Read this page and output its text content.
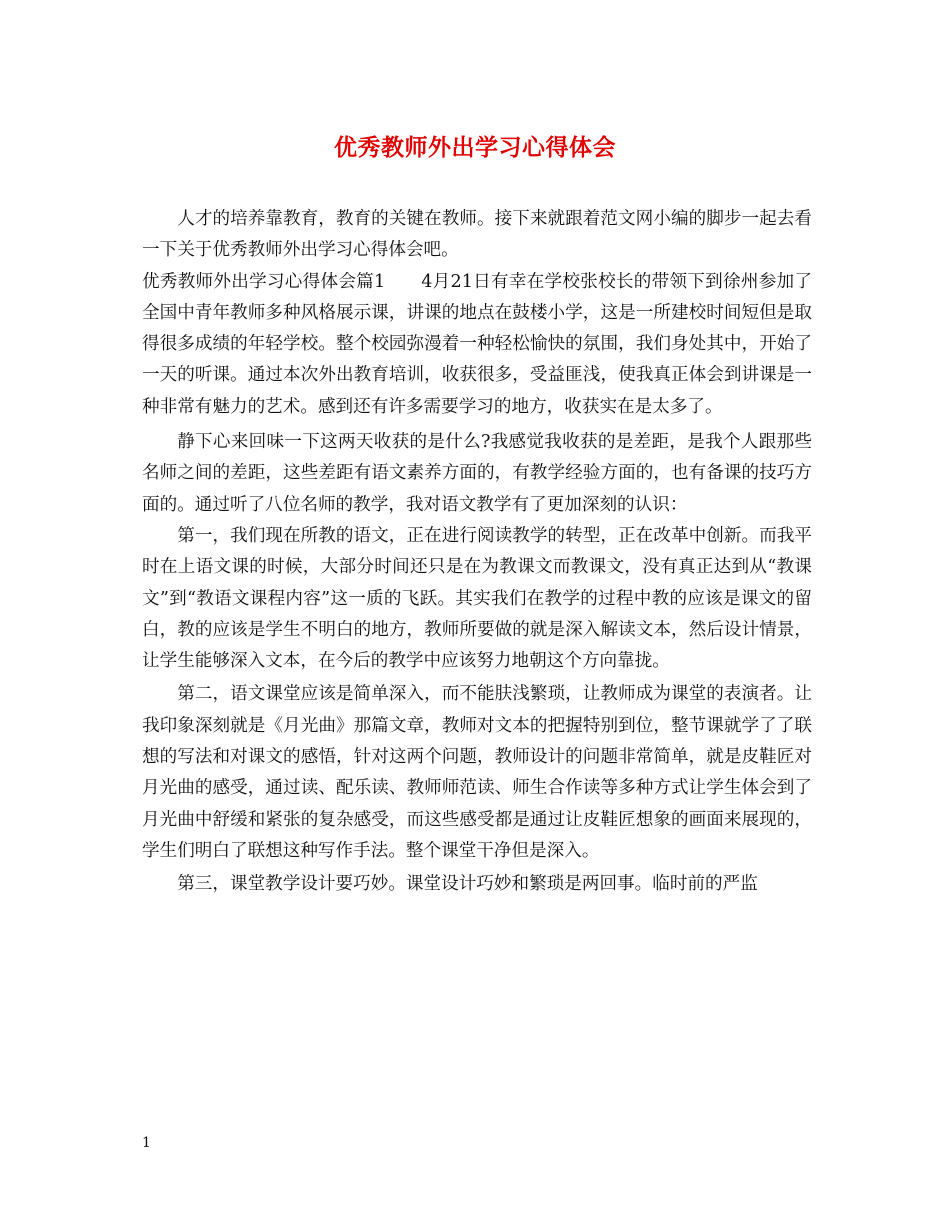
优秀教师外出学习心得体会

人才的培养靠教育，教育的关键在教师。接下来就跟着范文网小编的脚步一起去看一下关于优秀教师外出学习心得体会吧。

优秀教师外出学习心得体会篇1 4月21日有幸在学校张校长的带领下到徐州参加了全国中青年教师多种风格展示课，讲课的地点在鼓楼小学，这是一所建校时间短但是取得很多成绩的年轻学校。整个校园弥漫着一种轻松愉快的氛围，我们身处其中，开始了一天的听课。通过本次外出教育培训，收获很多，受益匪浅，使我真正体会到讲课是一种非常有魅力的艺术。感到还有许多需要学习的地方，收获实在是太多了。

静下心来回味一下这两天收获的是什么?我感觉我收获的是差距，是我个人跟那些名师之间的差距，这些差距有语文素养方面的，有教学经验方面的，也有备课的技巧方面的。通过听了八位名师的教学，我对语文教学有了更加深刻的认识：

第一，我们现在所教的语文，正在进行阅读教学的转型，正在改革中创新。而我平时在上语文课的时候，大部分时间还只是在为教课文而教课文，没有真正达到从“教课文”到“教语文课程内容”这一质的飞跃。其实我们在教学的过程中教的应该是课文的留白，教的应该是学生不明白的地方，教师所要做的就是深入解读文本，然后设计情景，让学生能够深入文本，在今后的教学中应该努力地朝这个方向靠拢。

第二，语文课堂应该是简单深入，而不能肤浅繁琐，让教师成为课堂的表演者。让我印象深刻就是《月光曲》那篇文章，教师对文本的把握特别到位，整节课就学了了联想的写法和对课文的感悟，针对这两个问题，教师设计的问题非常简单，就是皮鞋匠对月光曲的感受，通过读、配乐读、教师师范读、师生合作读等多种方式让学生体会到了月光曲中舒缓和紧张的复杂感受，而这些感受都是通过让皮鞋匠想象的画面来展现的，学生们明白了联想这种写作手法。整个课堂干净但是深入。

第三，课堂教学设计要巧妙。课堂设计巧妙和繁琐是两回事。临时前的严监

1
